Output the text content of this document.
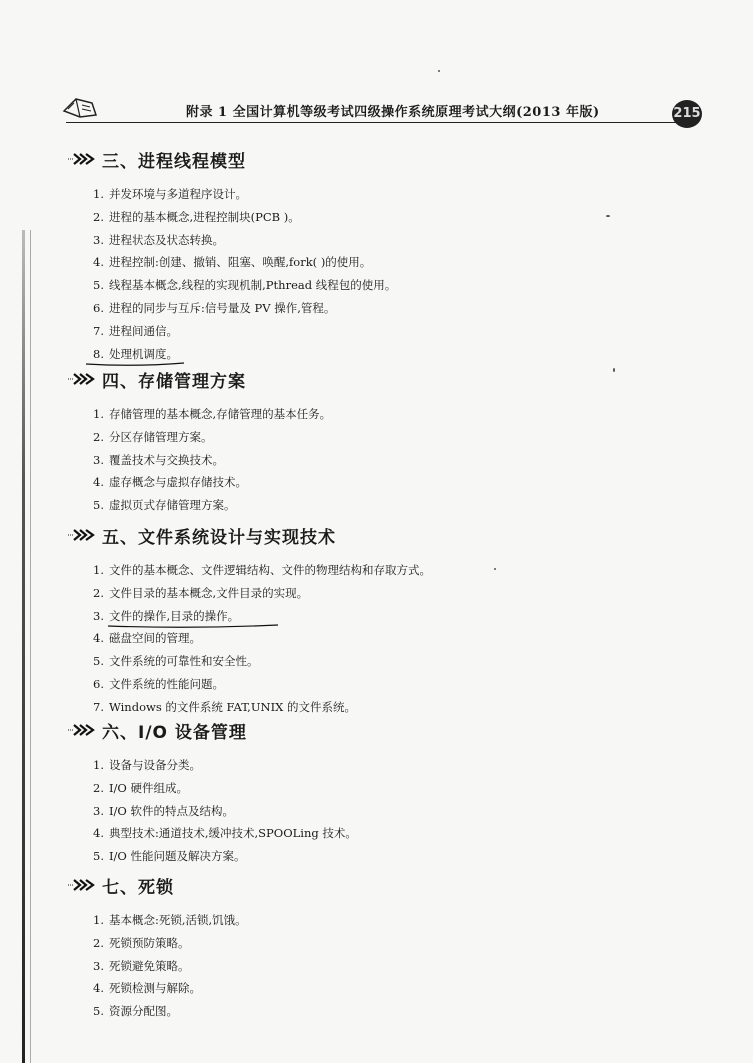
附录 1 全国计算机等级考试四级操作系统原理考试大纲(2013 年版)	215
三、进程线程模型
1. 并发环境与多道程序设计。
2. 进程的基本概念,进程控制块(PCB )。
3. 进程状态及状态转换。
4. 进程控制:创建、撤销、阻塞、唤醒,fork( )的使用。
5. 线程基本概念,线程的实现机制,Pthread 线程包的使用。
6. 进程的同步与互斥:信号量及 PV 操作,管程。
7. 进程间通信。
8. 处理机调度。
四、存储管理方案
1. 存储管理的基本概念,存储管理的基本任务。
2. 分区存储管理方案。
3. 覆盖技术与交换技术。
4. 虚存概念与虚拟存储技术。
5. 虚拟页式存储管理方案。
五、文件系统设计与实现技术
1. 文件的基本概念、文件逻辑结构、文件的物理结构和存取方式。
2. 文件目录的基本概念,文件目录的实现。
3. 文件的操作,目录的操作。
4. 磁盘空间的管理。
5. 文件系统的可靠性和安全性。
6. 文件系统的性能问题。
7. Windows 的文件系统 FAT,UNIX 的文件系统。
六、I/O 设备管理
1. 设备与设备分类。
2. I/O 硬件组成。
3. I/O 软件的特点及结构。
4. 典型技术:通道技术,缓冲技术,SPOOLing 技术。
5. I/O 性能问题及解决方案。
七、死锁
1. 基本概念:死锁,活锁,饥饿。
2. 死锁预防策略。
3. 死锁避免策略。
4. 死锁检测与解除。
5. 资源分配图。
